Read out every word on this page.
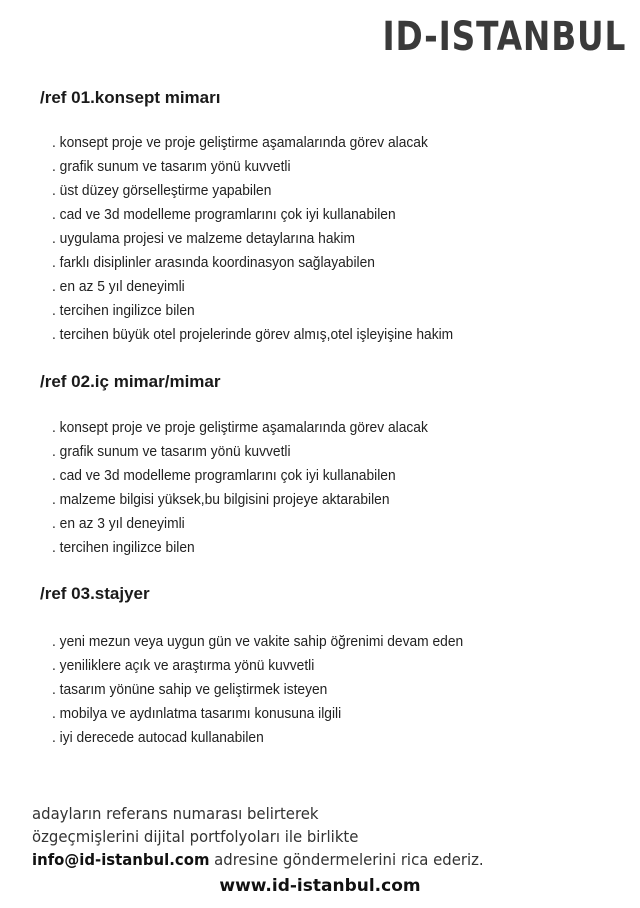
ID-ISTANBUL
/ref 01.konsept mimarı
. konsept proje ve proje geliştirme aşamalarında görev alacak
. grafik sunum ve tasarım yönü kuvvetli
. üst düzey görselleştirme yapabilen
. cad ve 3d modelleme programlarını çok iyi kullanabilen
. uygulama projesi ve malzeme detaylarına hakim
. farklı disiplinler arasında koordinasyon sağlayabilen
. en az 5 yıl deneyimli
. tercihen ingilizce bilen
. tercihen büyük otel projelerinde görev almış,otel işleyişine hakim
/ref 02.iç mimar/mimar
. konsept proje ve proje geliştirme aşamalarında görev alacak
. grafik sunum ve tasarım yönü kuvvetli
. cad ve 3d modelleme programlarını çok iyi kullanabilen
. malzeme bilgisi yüksek,bu bilgisini projeye aktarabilen
. en az 3 yıl deneyimli
. tercihen ingilizce bilen
/ref 03.stajyer
. yeni mezun veya uygun gün ve vakite sahip öğrenimi devam eden
. yeniliklere açık ve araştırma yönü kuvvetli
. tasarım yönüne sahip ve geliştirmek isteyen
. mobilya ve aydınlatma tasarımı konusuna ilgili
. iyi derecede autocad kullanabilen
adayların referans numarası belirterek
özgeçmişlerini dijital portfolyoları ile birlikte
info@id-istanbul.com adresine göndermelerini rica ederiz.
www.id-istanbul.com
